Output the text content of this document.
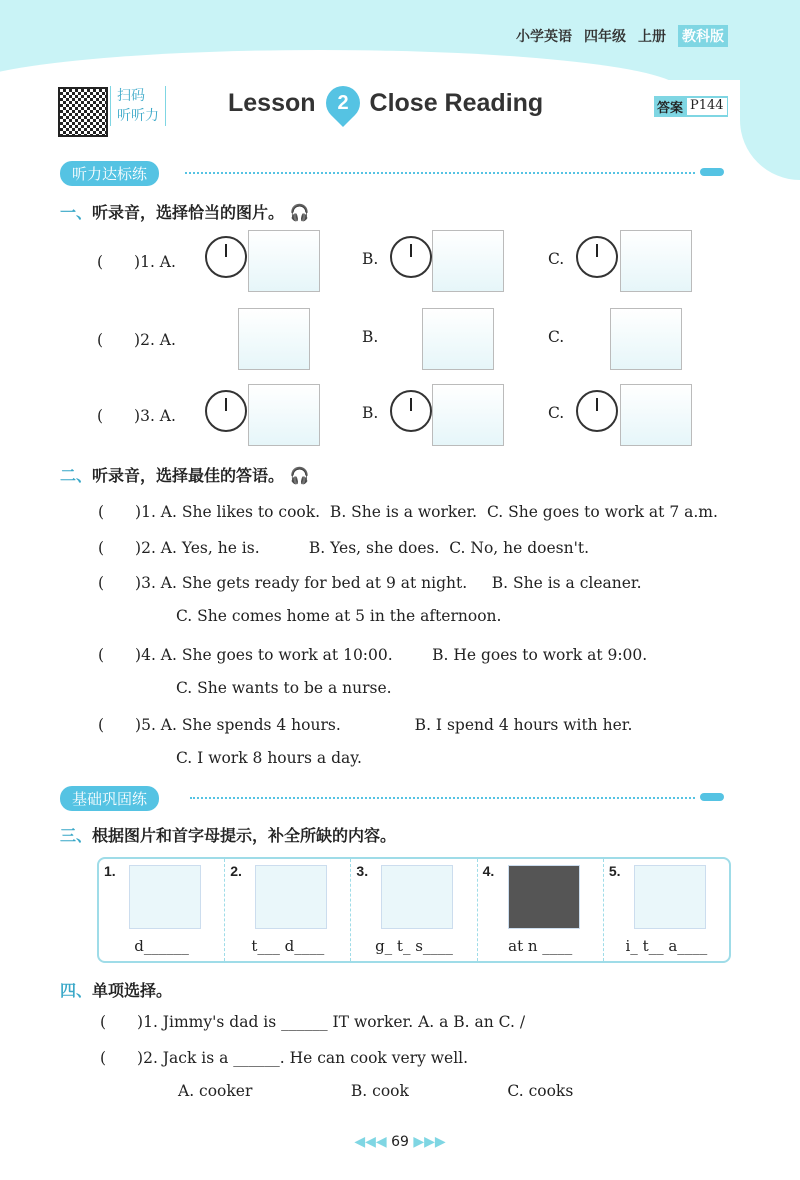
小学英语 四年级 上册 教科版
扫码
听听力	Lesson 2 Close Reading	答案 P144
听力达标练
一、听录音，选择恰当的图片。 🎧
二、听录音，选择最佳的答语。 🎧
基础巩固练
三、根据图片和首字母提示，补全所缺的内容。
1.
d______
2.
t___ d____
3.
g_ t_ s____
4.
at n ____
5.
i_ t__ a____
四、单项选择。
(　　)1. Jimmy's dad is ______ IT worker. A. a B. an C. /
(　　)2. Jack is a ______. He can cook very well.
A. cooker                    B. cook                    C. cooks
◀◀◀ 69 ▶▶▶
(　　)1. A.	B.	C.
(　　)2. A.	B.	C.
(　　)3. A.	B.	C.
(　　)1. A. She likes to cook.  B. She is a worker.  C. She goes to work at 7 a.m.
(　　)2. A. Yes, he is.          B. Yes, she does.  C. No, he doesn't.
(　　)3. A. She gets ready for bed at 9 at night.     B. She is a cleaner.
C. She comes home at 5 in the afternoon.
(　　)4. A. She goes to work at 10:00.        B. He goes to work at 9:00.
C. She wants to be a nurse.
(　　)5. A. She spends 4 hours.               B. I spend 4 hours with her.
C. I work 8 hours a day.
